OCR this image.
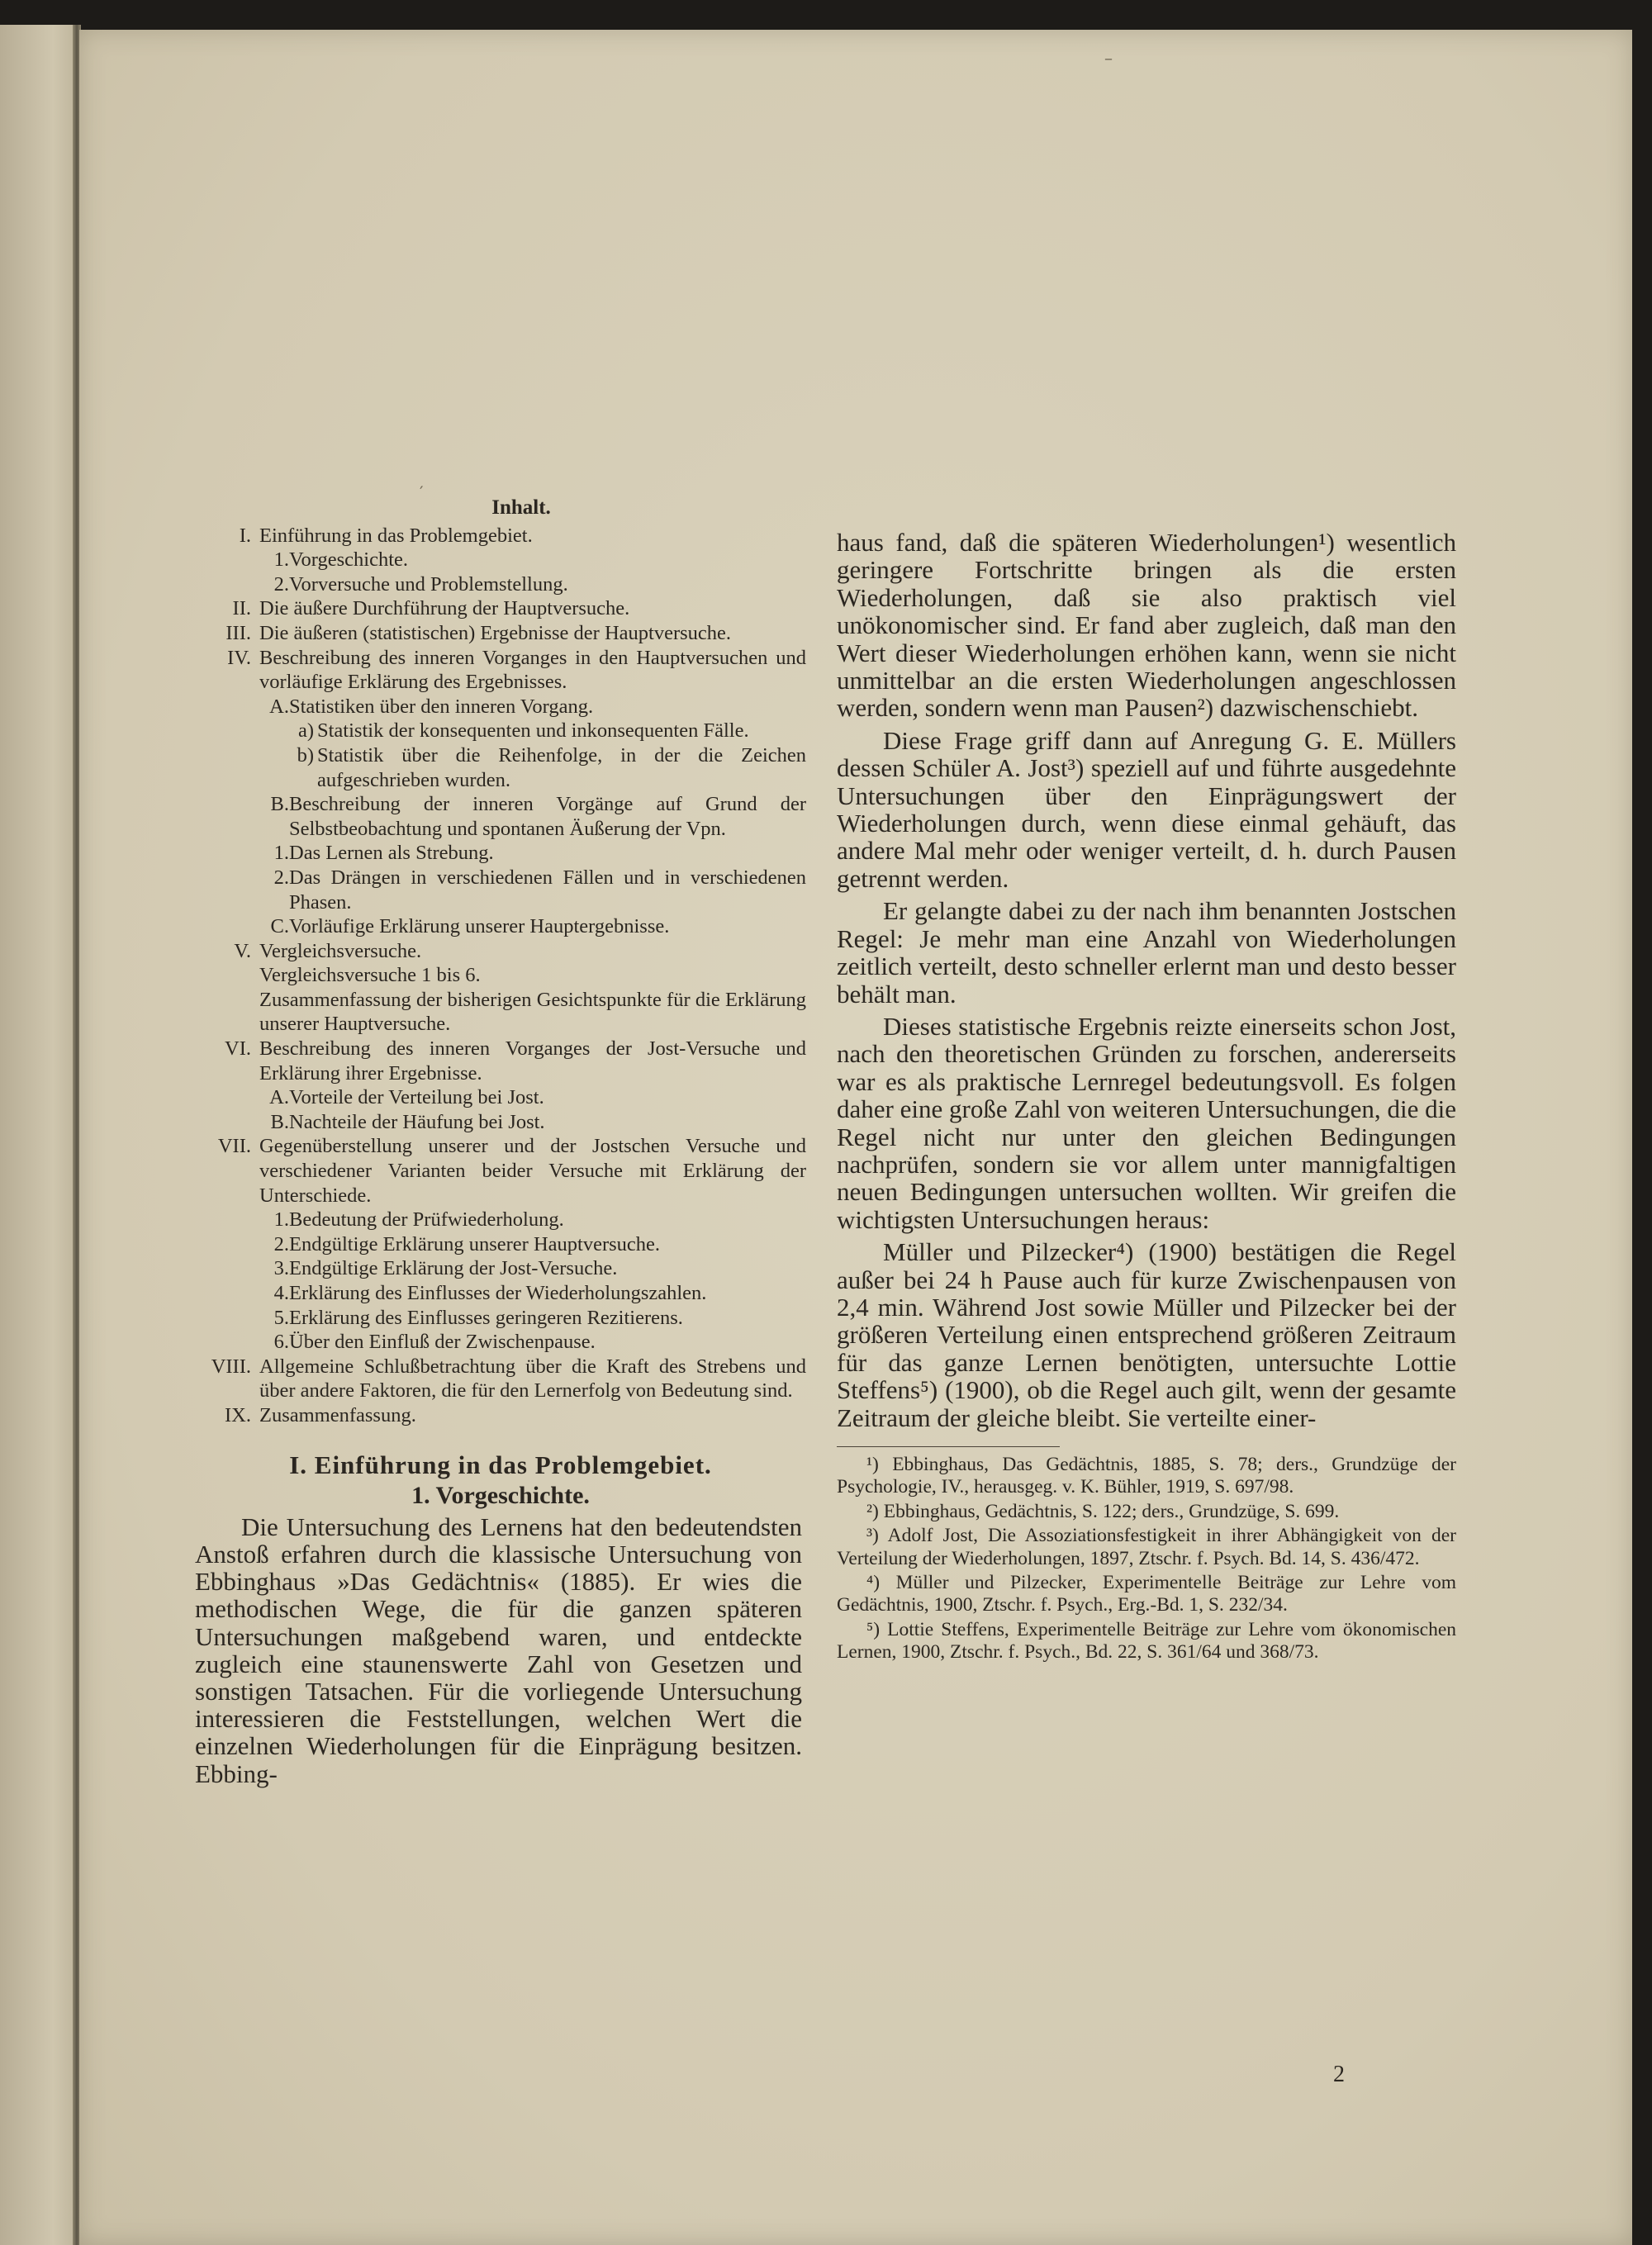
–
′
Inhalt.
I. Einführung in das Problemgebiet.
1. Vorgeschichte.
2. Vorversuche und Problemstellung.
II. Die äußere Durchführung der Hauptversuche.
III. Die äußeren (statistischen) Ergebnisse der Hauptversuche.
IV. Beschreibung des inneren Vorganges in den Hauptversuchen und vorläufige Erklärung des Ergebnisses.
A. Statistiken über den inneren Vorgang.
a) Statistik der konsequenten und inkonsequenten Fälle.
b) Statistik über die Reihenfolge, in der die Zeichen aufgeschrieben wurden.
B. Beschreibung der inneren Vorgänge auf Grund der Selbstbeobachtung und spontanen Äußerung der Vpn.
1. Das Lernen als Strebung.
2. Das Drängen in verschiedenen Fällen und in verschiedenen Phasen.
C. Vorläufige Erklärung unserer Hauptergebnisse.
V. Vergleichsversuche.
Vergleichsversuche 1 bis 6.
Zusammenfassung der bisherigen Gesichtspunkte für die Erklärung unserer Hauptversuche.
VI. Beschreibung des inneren Vorganges der Jost-Versuche und Erklärung ihrer Ergebnisse.
A. Vorteile der Verteilung bei Jost.
B. Nachteile der Häufung bei Jost.
VII. Gegenüberstellung unserer und der Jostschen Versuche und verschiedener Varianten beider Versuche mit Erklärung der Unterschiede.
1. Bedeutung der Prüfwiederholung.
2. Endgültige Erklärung unserer Hauptversuche.
3. Endgültige Erklärung der Jost-Versuche.
4. Erklärung des Einflusses der Wiederholungszahlen.
5. Erklärung des Einflusses geringeren Rezitierens.
6. Über den Einfluß der Zwischenpause.
VIII. Allgemeine Schlußbetrachtung über die Kraft des Strebens und über andere Faktoren, die für den Lernerfolg von Bedeutung sind.
IX. Zusammenfassung.
I. Einführung in das Problemgebiet.
1. Vorgeschichte.
Die Untersuchung des Lernens hat den bedeutendsten Anstoß erfahren durch die klassische Untersuchung von Ebbinghaus »Das Gedächtnis« (1885). Er wies die methodischen Wege, die für die ganzen späteren Untersuchungen maßgebend waren, und entdeckte zugleich eine staunenswerte Zahl von Gesetzen und sonstigen Tatsachen. Für die vorliegende Untersuchung interessieren die Feststellungen, welchen Wert die einzelnen Wiederholungen für die Einprägung besitzen. Ebbing-

haus fand, daß die späteren Wiederholungen¹) wesentlich geringere Fortschritte bringen als die ersten Wiederholungen, daß sie also praktisch viel unökonomischer sind. Er fand aber zugleich, daß man den Wert dieser Wiederholungen erhöhen kann, wenn sie nicht unmittelbar an die ersten Wiederholungen angeschlossen werden, sondern wenn man Pausen²) dazwischenschiebt.

Diese Frage griff dann auf Anregung G. E. Müllers dessen Schüler A. Jost³) speziell auf und führte ausgedehnte Untersuchungen über den Einprägungswert der Wiederholungen durch, wenn diese einmal gehäuft, das andere Mal mehr oder weniger verteilt, d. h. durch Pausen getrennt werden.

Er gelangte dabei zu der nach ihm benannten Jostschen Regel: Je mehr man eine Anzahl von Wiederholungen zeitlich verteilt, desto schneller erlernt man und desto besser behält man.

Dieses statistische Ergebnis reizte einerseits schon Jost, nach den theoretischen Gründen zu forschen, andererseits war es als praktische Lernregel bedeutungsvoll. Es folgen daher eine große Zahl von weiteren Untersuchungen, die die Regel nicht nur unter den gleichen Bedingungen nachprüfen, sondern sie vor allem unter mannigfaltigen neuen Bedingungen untersuchen wollten. Wir greifen die wichtigsten Untersuchungen heraus:

Müller und Pilzecker⁴) (1900) bestätigen die Regel außer bei 24 h Pause auch für kurze Zwischenpausen von 2,4 min. Während Jost sowie Müller und Pilzecker bei der größeren Verteilung einen entsprechend größeren Zeitraum für das ganze Lernen benötigten, untersuchte Lottie Steffens⁵) (1900), ob die Regel auch gilt, wenn der gesamte Zeitraum der gleiche bleibt. Sie verteilte einer-

¹) Ebbinghaus, Das Gedächtnis, 1885, S. 78; ders., Grundzüge der Psychologie, IV., herausgeg. v. K. Bühler, 1919, S. 697/98.

²) Ebbinghaus, Gedächtnis, S. 122; ders., Grundzüge, S. 699.

³) Adolf Jost, Die Assoziationsfestigkeit in ihrer Abhängigkeit von der Verteilung der Wiederholungen, 1897, Ztschr. f. Psych. Bd. 14, S. 436/472.

⁴) Müller und Pilzecker, Experimentelle Beiträge zur Lehre vom Gedächtnis, 1900, Ztschr. f. Psych., Erg.-Bd. 1, S. 232/34.

⁵) Lottie Steffens, Experimentelle Beiträge zur Lehre vom ökonomischen Lernen, 1900, Ztschr. f. Psych., Bd. 22, S. 361/64 und 368/73.

2
